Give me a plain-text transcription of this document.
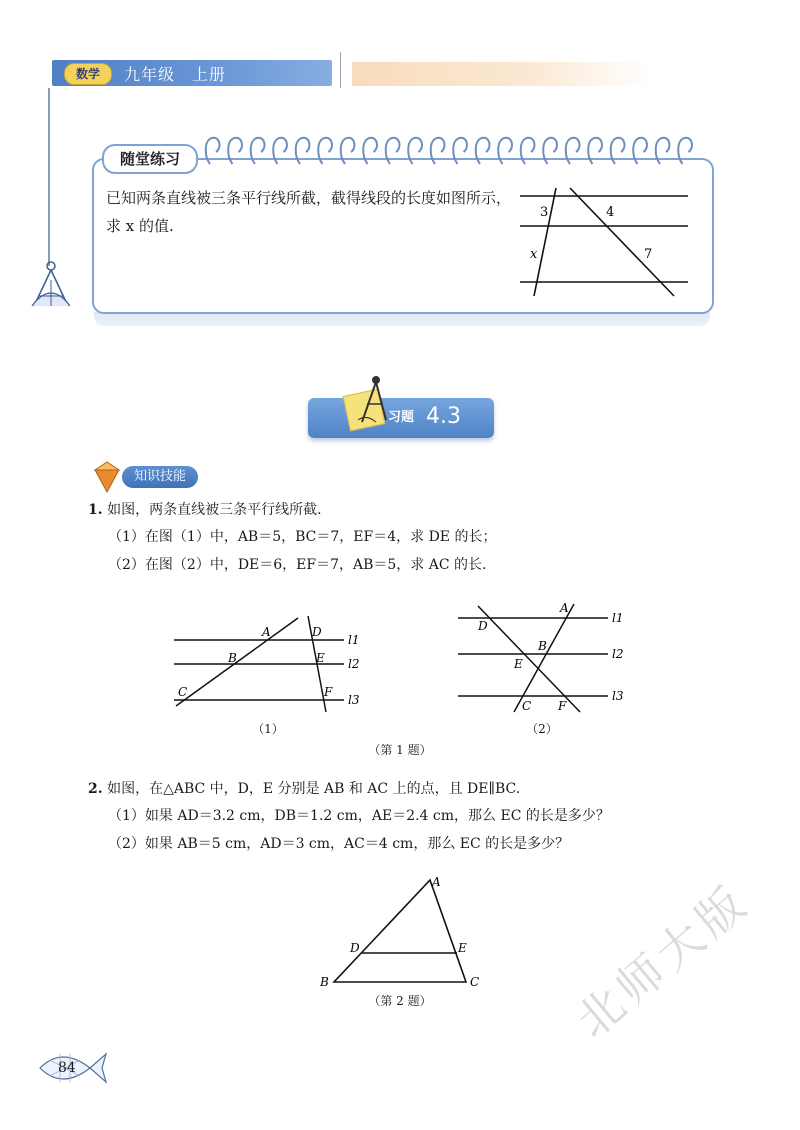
数学	九年级　上册
随堂练习
已知两条直线被三条平行线所截，截得线段的长度如图所示，求 x 的值.
3	4
x	7
习题 4.3
知识技能
1. 如图，两条直线被三条平行线所截.
（1）在图（1）中，AB＝5，BC＝7，EF＝4，求 DE 的长；
（2）在图（2）中，DE＝6，EF＝7，AB＝5，求 AC 的长.
A	D
l1
B	E l2
C	F
l3
（1）
A
l1
D
B
E
l2
C F
l3
（2）
（第 1 题）
2. 如图，在△ABC 中，D，E 分别是 AB 和 AC 上的点，且 DE∥BC.
（1）如果 AD＝3.2 cm，DB＝1.2 cm，AE＝2.4 cm，那么 EC 的长是多少？
（2）如果 AB＝5 cm，AD＝3 cm，AC＝4 cm，那么 EC 的长是多少？
A
D	E
B	C
（第 2 题）	北师大版
84
